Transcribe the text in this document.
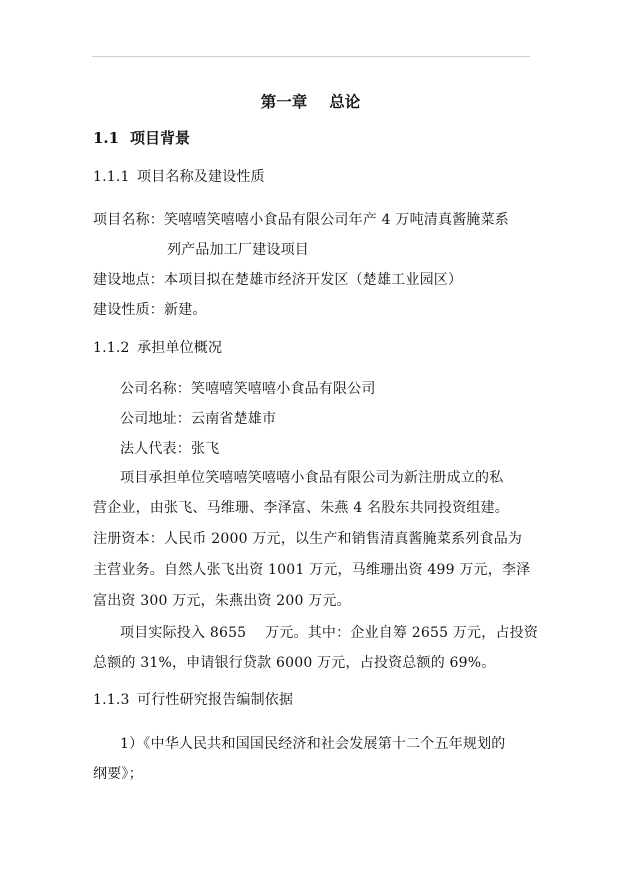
第一章 总论
1.1 项目背景
1.1.1 项目名称及建设性质
项目名称：笑嘻嘻笑嘻嘻小食品有限公司年产 4 万吨清真酱腌菜系
列产品加工厂建设项目
建设地点：本项目拟在楚雄市经济开发区（楚雄工业园区）
建设性质：新建。
1.1.2 承担单位概况
公司名称：笑嘻嘻笑嘻嘻小食品有限公司
公司地址：云南省楚雄市
法人代表：张飞
项目承担单位笑嘻嘻笑嘻嘻小食品有限公司为新注册成立的私
营企业，由张飞、马维珊、李泽富、朱燕 4 名股东共同投资组建。
注册资本：人民币 2000 万元，以生产和销售清真酱腌菜系列食品为
主营业务。自然人张飞出资 1001 万元，马维珊出资 499 万元，李泽
富出资 300 万元，朱燕出资 200 万元。
项目实际投入 8655　 万元。其中：企业自筹 2655 万元，占投资
总额的 31%，申请银行贷款 6000 万元，占投资总额的 69%。
1.1.3 可行性研究报告编制依据
1）《中华人民共和国国民经济和社会发展第十二个五年规划的
纲要》；
